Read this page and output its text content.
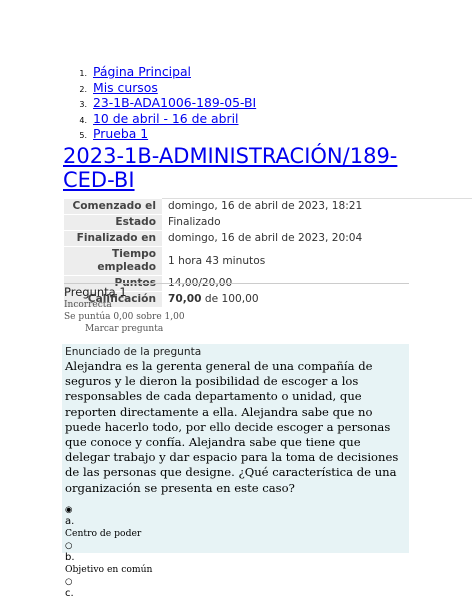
1. Página Principal
2. Mis cursos
3. 23-1B-ADA1006-189-05-BI
4. 10 de abril - 16 de abril
5. Prueba 1
2023-1B-ADMINISTRACIÓN/189-CED-BI
Comenzado el	domingo, 16 de abril de 2023, 18:21
Estado	Finalizado
Finalizado en	domingo, 16 de abril de 2023, 20:04
Tiempo empleado	1 hora 43 minutos
Puntos	14,00/20,00
Calificación	70,00 de 100,00
Pregunta 1
Incorrecta
Se puntúa 0,00 sobre 1,00
Marcar pregunta
Enunciado de la pregunta
Alejandra es la gerenta general de una compañía de seguros y le dieron la posibilidad de escoger a los responsables de cada departamento o unidad, que reporten directamente a ella. Alejandra sabe que no puede hacerlo todo, por ello decide escoger a personas que conoce y confía. Alejandra sabe que tiene que delegar trabajo y dar espacio para la toma de decisiones de las personas que designe. ¿Qué característica de una organización se presenta en este caso?
◉
a.
Centro de poder
○
b.
Objetivo en común
○
c.
